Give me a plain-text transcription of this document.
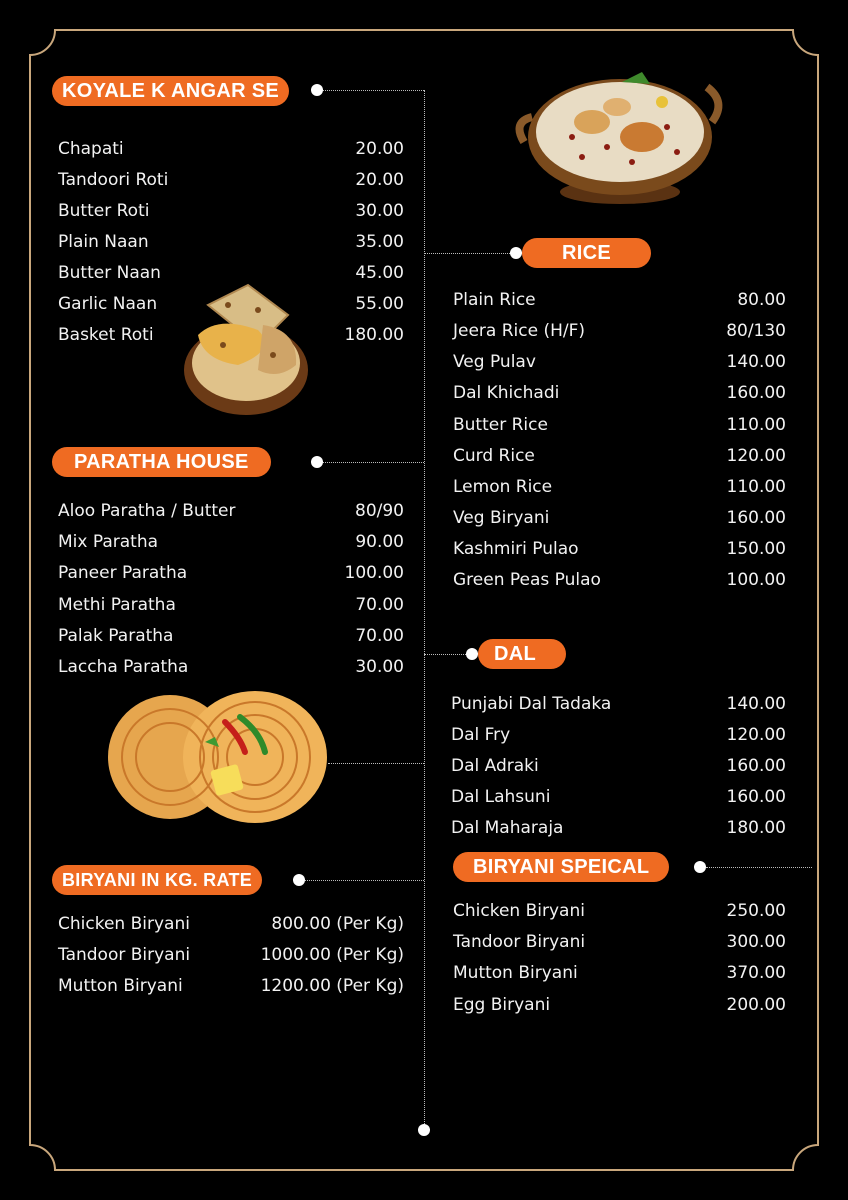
KOYALE K ANGAR SE
PARATHA HOUSE
BIRYANI IN KG. RATE
RICE
DAL
BIRYANI SPEICAL
Chapati	20.00
Tandoori Roti	20.00
Butter Roti	30.00
Plain Naan	35.00
Butter Naan	45.00
Garlic Naan	55.00
Basket Roti	180.00
Aloo Paratha / Butter	80/90
Mix Paratha	90.00
Paneer Paratha	100.00
Methi Paratha	70.00
Palak Paratha	70.00
Laccha Paratha	30.00
Chicken Biryani	800.00 (Per Kg)
Tandoor Biryani	1000.00 (Per Kg)
Mutton Biryani	1200.00 (Per Kg)
Plain Rice	80.00
Jeera Rice (H/F)	80/130
Veg Pulav	140.00
Dal Khichadi	160.00
Butter Rice	110.00
Curd Rice	120.00
Lemon Rice	110.00
Veg Biryani	160.00
Kashmiri Pulao	150.00
Green Peas Pulao	100.00
Punjabi Dal Tadaka	140.00
Dal Fry	120.00
Dal Adraki	160.00
Dal Lahsuni	160.00
Dal Maharaja	180.00
Chicken Biryani	250.00
Tandoor Biryani	300.00
Mutton Biryani	370.00
Egg Biryani	200.00
